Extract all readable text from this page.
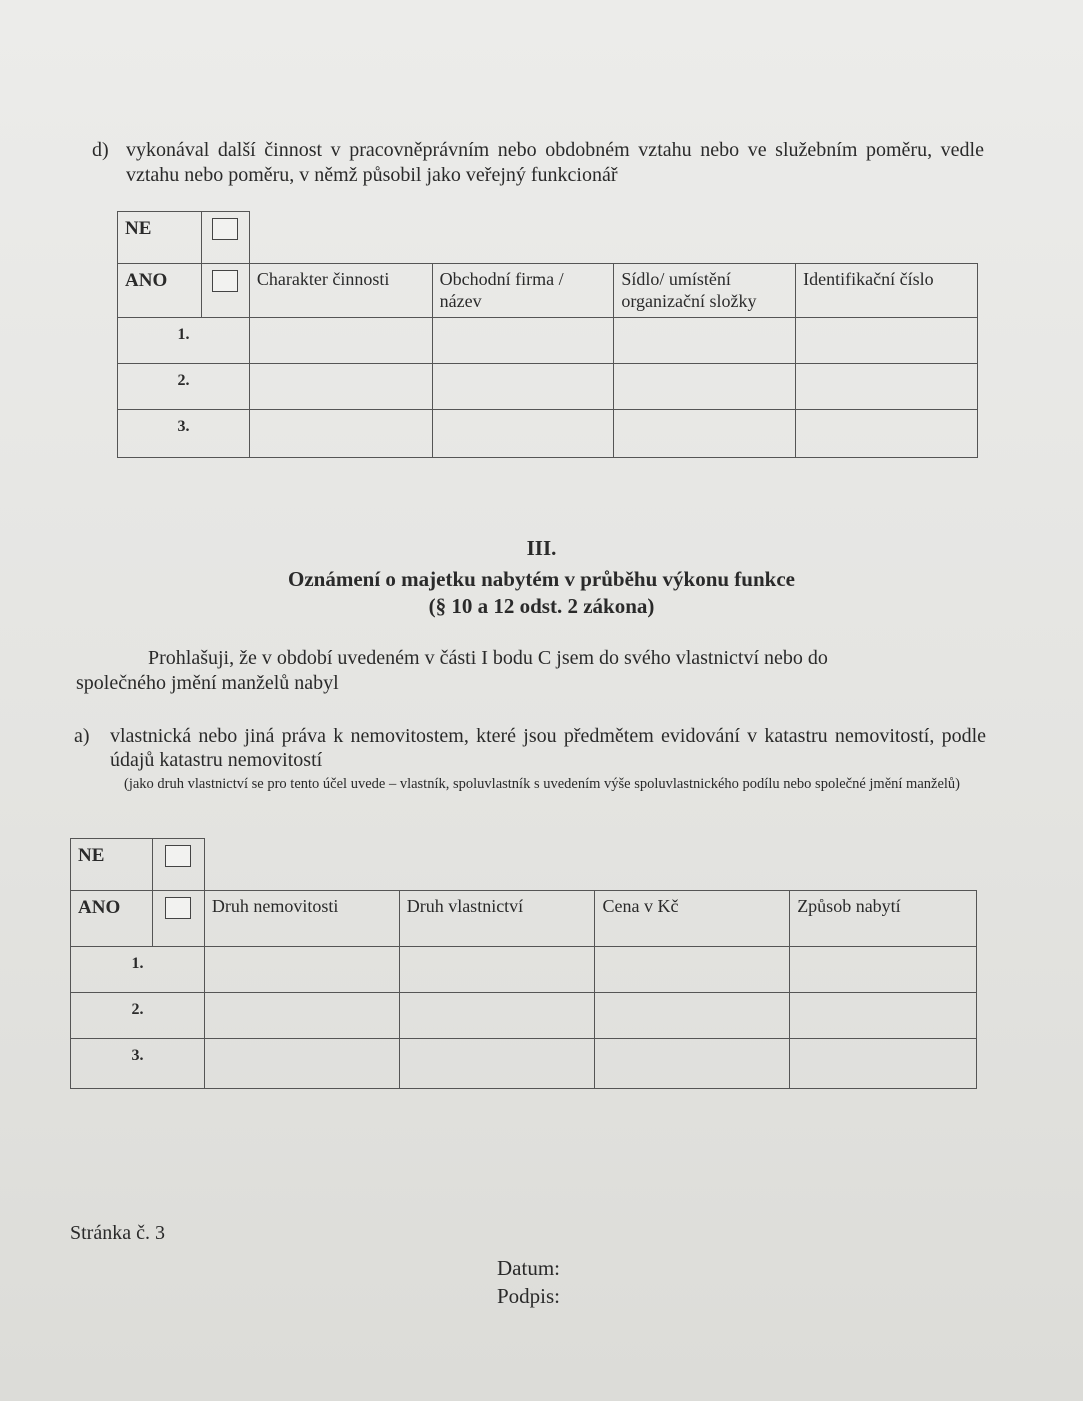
d) vykonával další činnost v pracovněprávním nebo obdobném vztahu nebo ve služebním poměru, vedle vztahu nebo poměru, v němž působil jako veřejný funkcionář
NE					
ANO		Charakter činnosti	Obchodní firma / název	Sídlo/ umístění organizační složky	Identifikační číslo
1.					
2.					
3.					
III.
Oznámení o majetku nabytém v průběhu výkonu funkce
(§ 10 a 12 odst. 2 zákona)
Prohlašuji, že v období uvedeném v části I bodu C jsem do svého vlastnictví nebo do
společného jmění manželů nabyl
a) vlastnická nebo jiná práva k nemovitostem, které jsou předmětem evidování v katastru nemovitostí, podle údajů katastru nemovitostí
(jako druh vlastnictví se pro tento účel uvede – vlastník, spoluvlastník s uvedením výše spoluvlastnického podílu nebo společné jmění manželů)
NE					
ANO		Druh nemovitosti	Druh vlastnictví	Cena v Kč	Způsob nabytí
1.					
2.					
3.					
Stránka č. 3
Datum:
Podpis:
